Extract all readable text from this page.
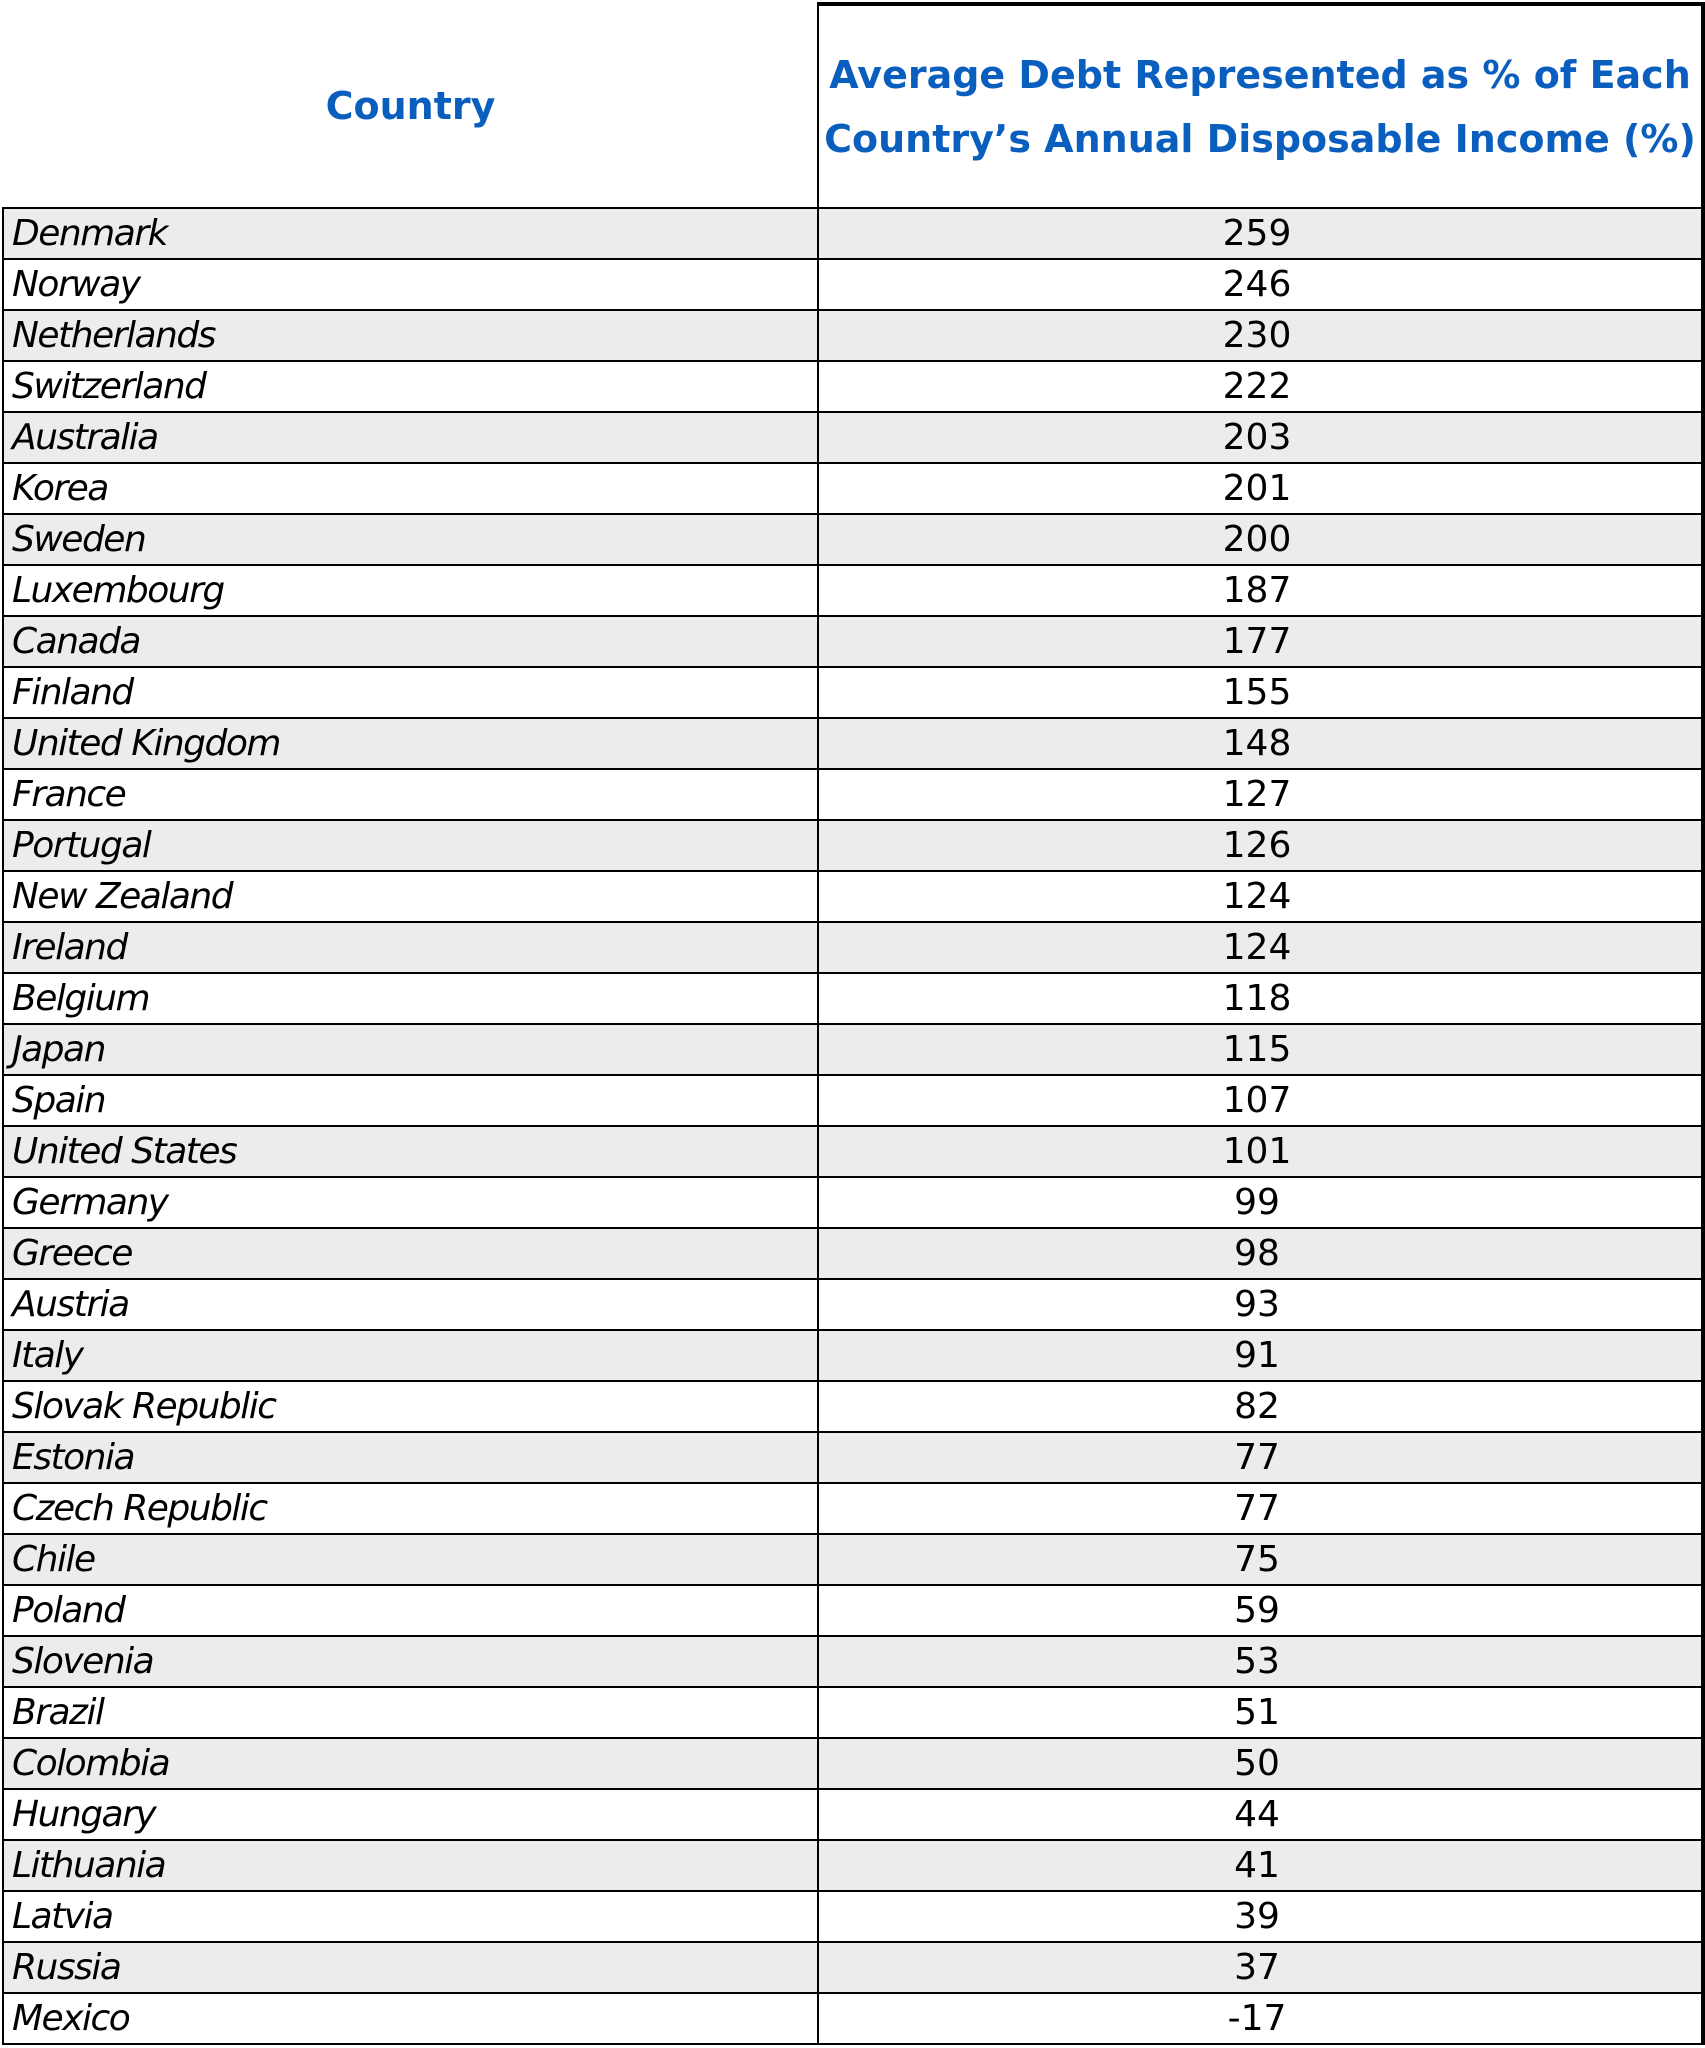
Country	Average Debt Represented as % of Each
Country’s Annual Disposable Income (%)
Denmark	259
Norway	246
Netherlands	230
Switzerland	222
Australia	203
Korea	201
Sweden	200
Luxembourg	187
Canada	177
Finland	155
United Kingdom	148
France	127
Portugal	126
New Zealand	124
Ireland	124
Belgium	118
Japan	115
Spain	107
United States	101
Germany	99
Greece	98
Austria	93
Italy	91
Slovak Republic	82
Estonia	77
Czech Republic	77
Chile	75
Poland	59
Slovenia	53
Brazil	51
Colombia	50
Hungary	44
Lithuania	41
Latvia	39
Russia	37
Mexico	-17
